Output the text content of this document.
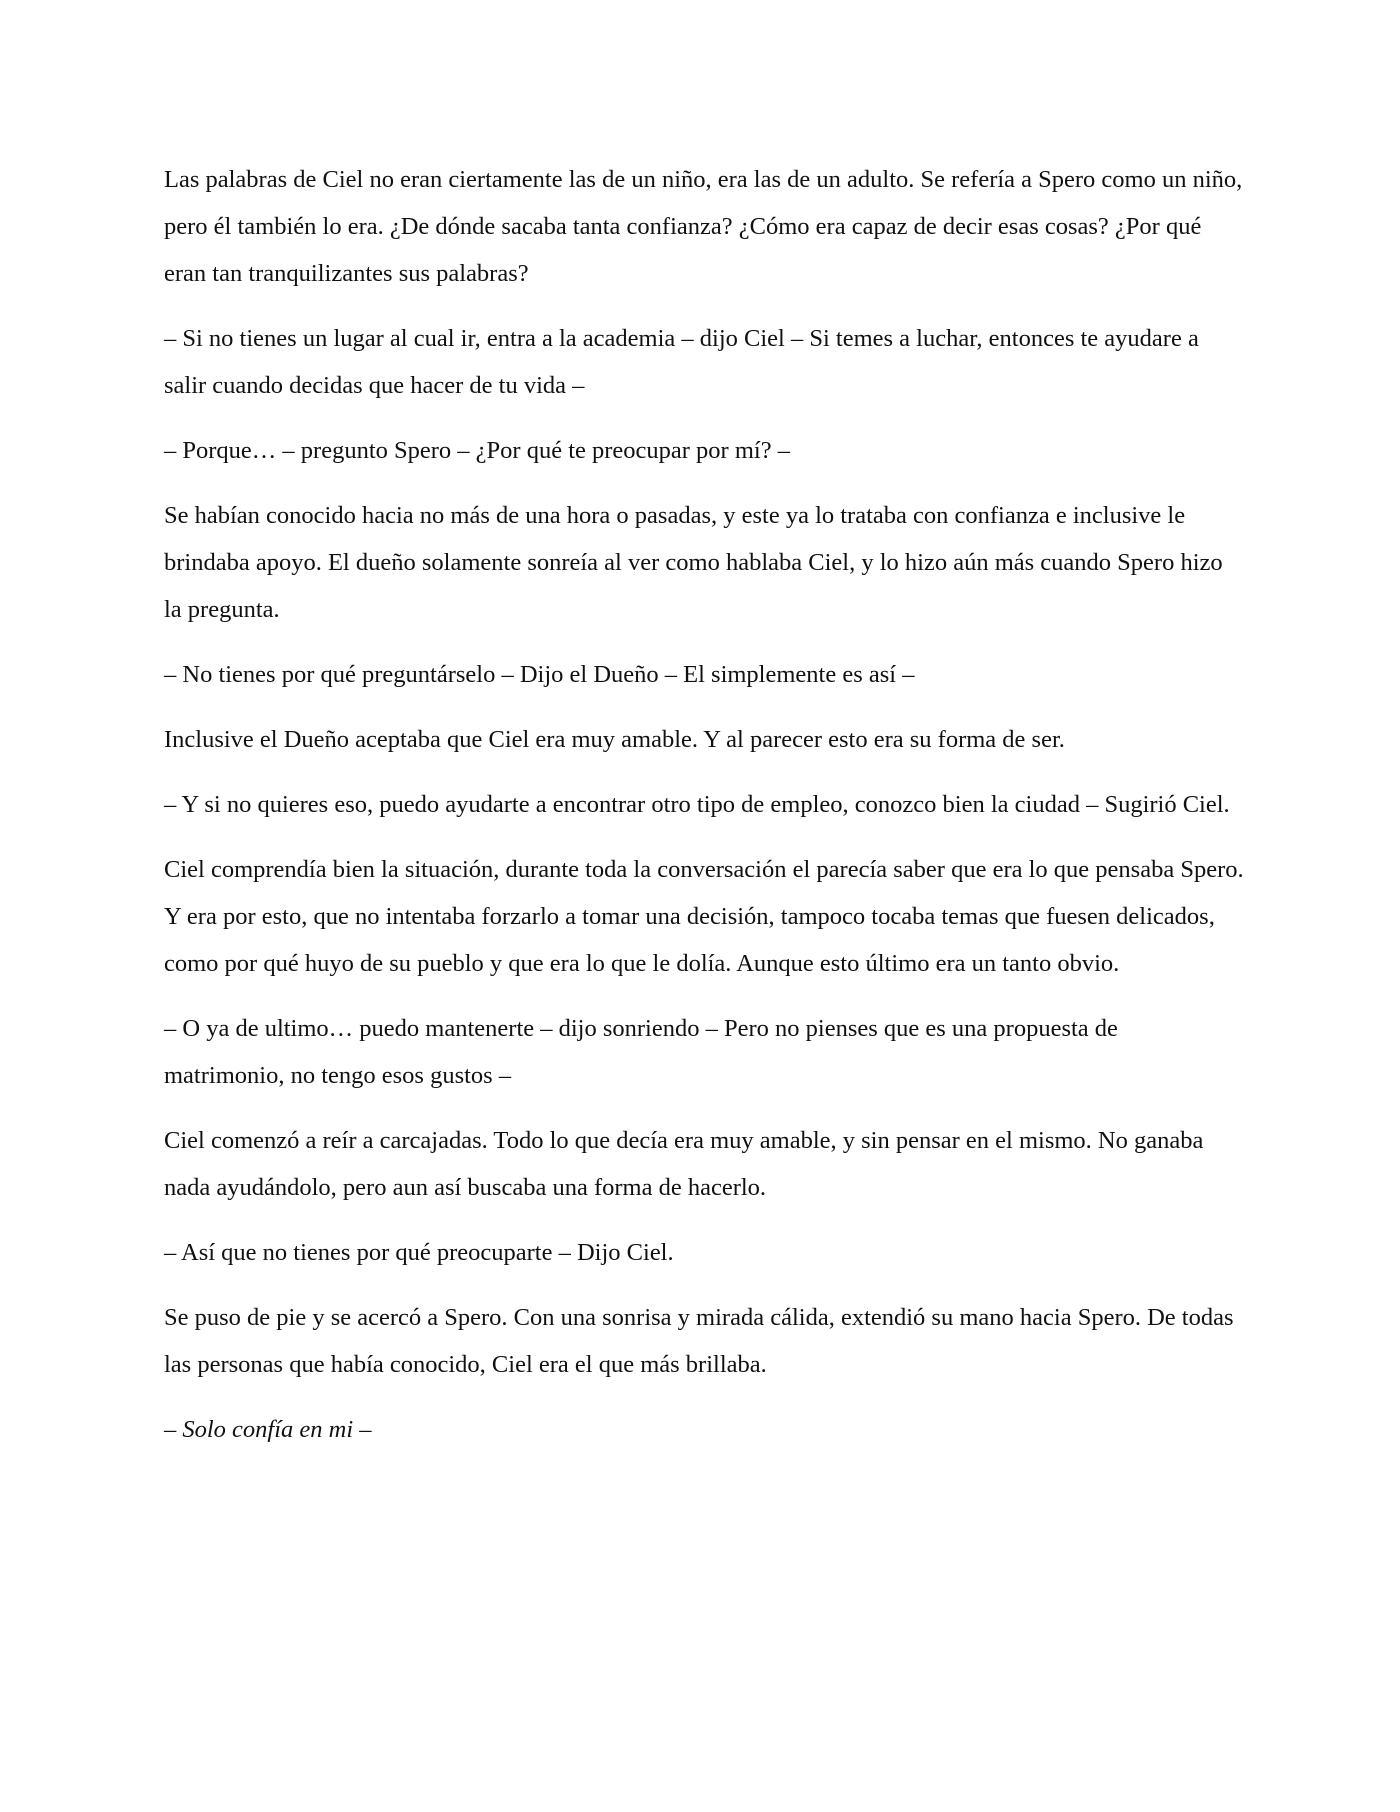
Las palabras de Ciel no eran ciertamente las de un niño, era las de un adulto. Se refería a Spero como un niño, pero él también lo era. ¿De dónde sacaba tanta confianza? ¿Cómo era capaz de decir esas cosas? ¿Por qué eran tan tranquilizantes sus palabras?

– Si no tienes un lugar al cual ir, entra a la academia – dijo Ciel – Si temes a luchar, entonces te ayudare a salir cuando decidas que hacer de tu vida –

– Porque… – pregunto Spero – ¿Por qué te preocupar por mí? –

Se habían conocido hacia no más de una hora o pasadas, y este ya lo trataba con confianza e inclusive le brindaba apoyo. El dueño solamente sonreía al ver como hablaba Ciel, y lo hizo aún más cuando Spero hizo la pregunta.

– No tienes por qué preguntárselo – Dijo el Dueño – El simplemente es así –

Inclusive el Dueño aceptaba que Ciel era muy amable. Y al parecer esto era su forma de ser.

– Y si no quieres eso, puedo ayudarte a encontrar otro tipo de empleo, conozco bien la ciudad – Sugirió Ciel.

Ciel comprendía bien la situación, durante toda la conversación el parecía saber que era lo que pensaba Spero. Y era por esto, que no intentaba forzarlo a tomar una decisión, tampoco tocaba temas que fuesen delicados, como por qué huyo de su pueblo y que era lo que le dolía. Aunque esto último era un tanto obvio.

– O ya de ultimo… puedo mantenerte – dijo sonriendo – Pero no pienses que es una propuesta de matrimonio, no tengo esos gustos –

Ciel comenzó a reír a carcajadas. Todo lo que decía era muy amable, y sin pensar en el mismo. No ganaba nada ayudándolo, pero aun así buscaba una forma de hacerlo.

– Así que no tienes por qué preocuparte – Dijo Ciel.

Se puso de pie y se acercó a Spero. Con una sonrisa y mirada cálida, extendió su mano hacia Spero. De todas las personas que había conocido, Ciel era el que más brillaba.

– Solo confía en mi –
